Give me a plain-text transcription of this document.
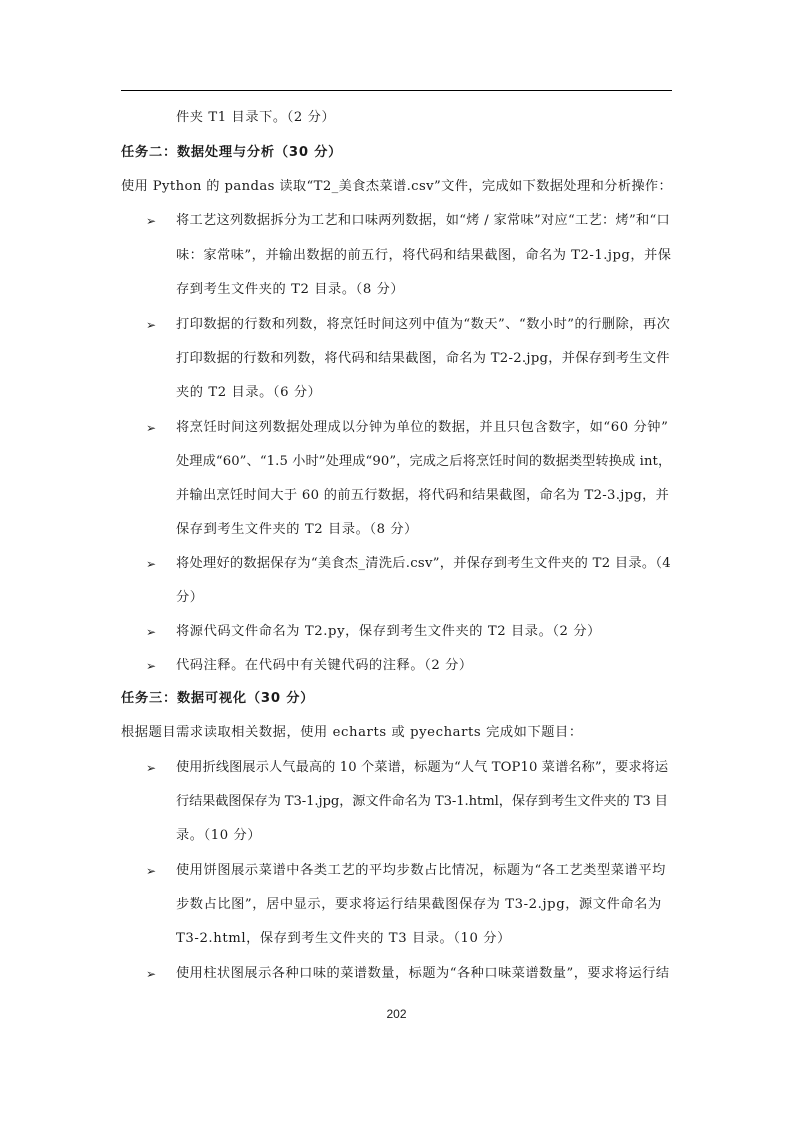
件夹 T1 目录下。（2 分）
任务二：数据处理与分析（30 分）
使用 Python 的 pandas 读取“T2_美食杰菜谱.csv”文件，完成如下数据处理和分析操作：
➢ 将工艺这列数据拆分为工艺和口味两列数据，如“烤 / 家常味”对应“工艺：烤”和“口
味：家常味”，并输出数据的前五行，将代码和结果截图，命名为 T2-1.jpg，并保
存到考生文件夹的 T2 目录。（8 分）
➢ 打印数据的行数和列数，将烹饪时间这列中值为“数天”、“数小时”的行删除，再次
打印数据的行数和列数，将代码和结果截图，命名为 T2-2.jpg，并保存到考生文件
夹的 T2 目录。（6 分）
➢ 将烹饪时间这列数据处理成以分钟为单位的数据，并且只包含数字，如“60 分钟”
处理成“60”、“1.5 小时”处理成“90”，完成之后将烹饪时间的数据类型转换成 int，
并输出烹饪时间大于 60 的前五行数据，将代码和结果截图，命名为 T2-3.jpg，并
保存到考生文件夹的 T2 目录。（8 分）
➢ 将处理好的数据保存为“美食杰_清洗后.csv”，并保存到考生文件夹的 T2 目录。（4
分）
➢ 将源代码文件命名为 T2.py，保存到考生文件夹的 T2 目录。（2 分）
➢ 代码注释。在代码中有关键代码的注释。（2 分）
任务三：数据可视化（30 分）
根据题目需求读取相关数据，使用 echarts 或 pyecharts 完成如下题目：
➢ 使用折线图展示人气最高的 10 个菜谱，标题为“人气 TOP10 菜谱名称”，要求将运
行结果截图保存为 T3-1.jpg，源文件命名为 T3-1.html，保存到考生文件夹的 T3 目
录。（10 分）
➢ 使用饼图展示菜谱中各类工艺的平均步数占比情况，标题为“各工艺类型菜谱平均
步数占比图”，居中显示，要求将运行结果截图保存为 T3-2.jpg，源文件命名为
T3-2.html，保存到考生文件夹的 T3 目录。（10 分）
➢ 使用柱状图展示各种口味的菜谱数量，标题为“各种口味菜谱数量”，要求将运行结
202
